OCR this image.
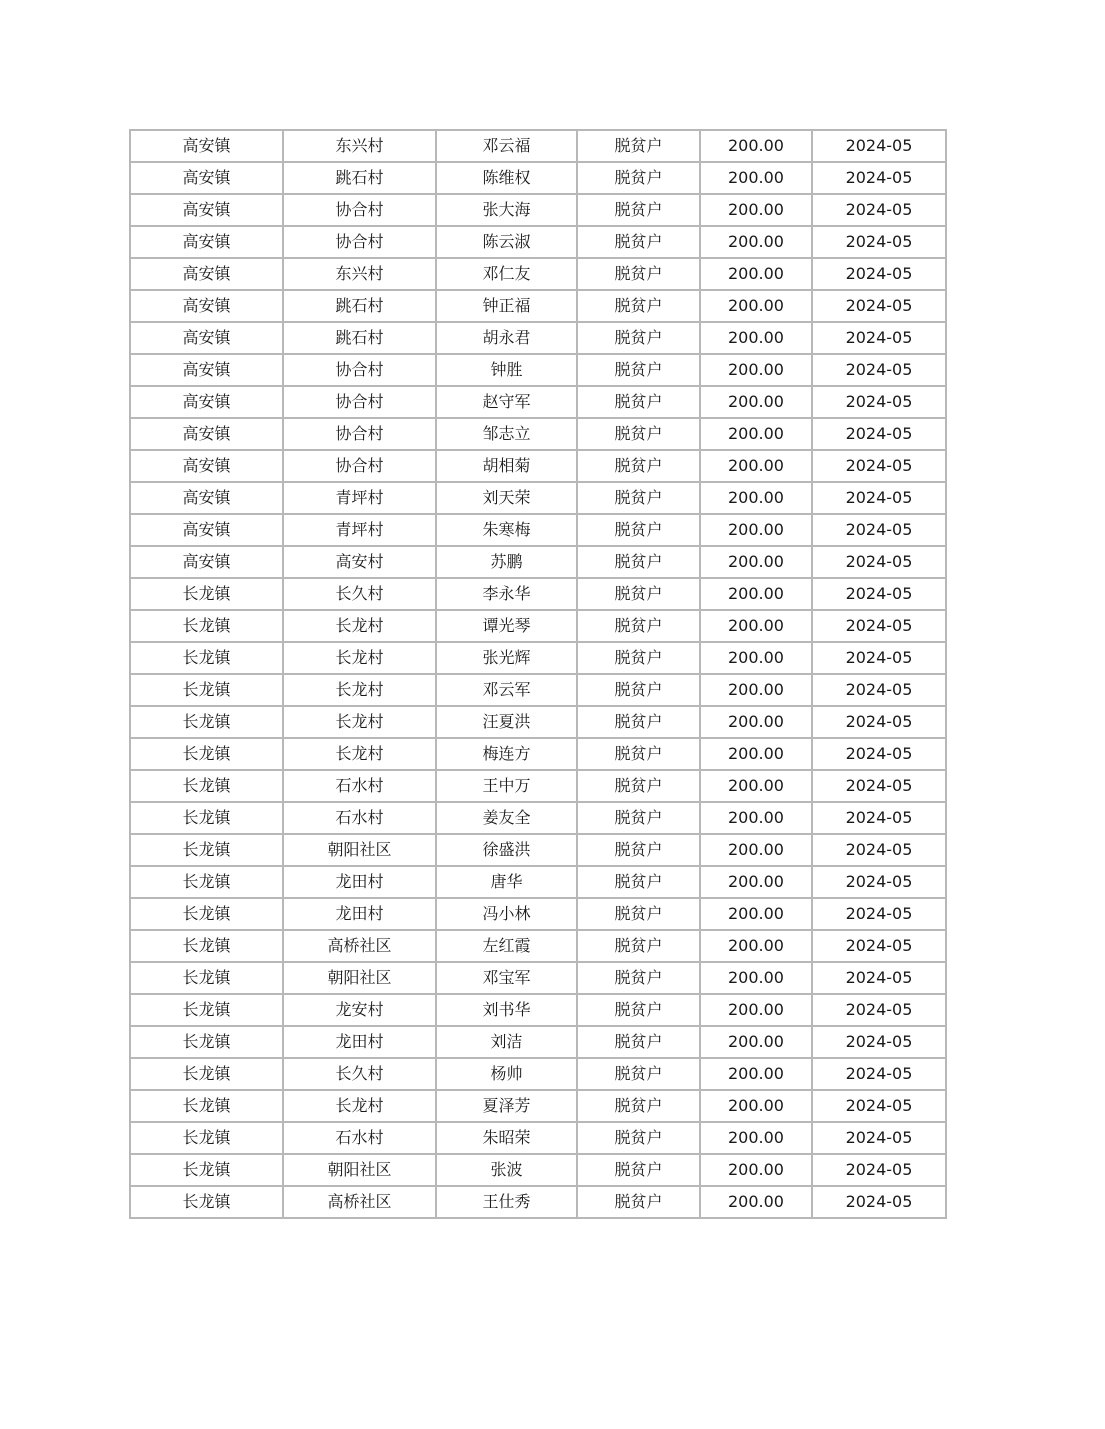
高安镇	东兴村	邓云福	脱贫户	200.00	2024-05
高安镇	跳石村	陈维权	脱贫户	200.00	2024-05
高安镇	协合村	张大海	脱贫户	200.00	2024-05
高安镇	协合村	陈云淑	脱贫户	200.00	2024-05
高安镇	东兴村	邓仁友	脱贫户	200.00	2024-05
高安镇	跳石村	钟正福	脱贫户	200.00	2024-05
高安镇	跳石村	胡永君	脱贫户	200.00	2024-05
高安镇	协合村	钟胜	脱贫户	200.00	2024-05
高安镇	协合村	赵守军	脱贫户	200.00	2024-05
高安镇	协合村	邹志立	脱贫户	200.00	2024-05
高安镇	协合村	胡相菊	脱贫户	200.00	2024-05
高安镇	青坪村	刘天荣	脱贫户	200.00	2024-05
高安镇	青坪村	朱寒梅	脱贫户	200.00	2024-05
高安镇	高安村	苏鹏	脱贫户	200.00	2024-05
长龙镇	长久村	李永华	脱贫户	200.00	2024-05
长龙镇	长龙村	谭光琴	脱贫户	200.00	2024-05
长龙镇	长龙村	张光辉	脱贫户	200.00	2024-05
长龙镇	长龙村	邓云军	脱贫户	200.00	2024-05
长龙镇	长龙村	汪夏洪	脱贫户	200.00	2024-05
长龙镇	长龙村	梅连方	脱贫户	200.00	2024-05
长龙镇	石水村	王中万	脱贫户	200.00	2024-05
长龙镇	石水村	姜友全	脱贫户	200.00	2024-05
长龙镇	朝阳社区	徐盛洪	脱贫户	200.00	2024-05
长龙镇	龙田村	唐华	脱贫户	200.00	2024-05
长龙镇	龙田村	冯小林	脱贫户	200.00	2024-05
长龙镇	高桥社区	左红霞	脱贫户	200.00	2024-05
长龙镇	朝阳社区	邓宝军	脱贫户	200.00	2024-05
长龙镇	龙安村	刘书华	脱贫户	200.00	2024-05
长龙镇	龙田村	刘洁	脱贫户	200.00	2024-05
长龙镇	长久村	杨帅	脱贫户	200.00	2024-05
长龙镇	长龙村	夏泽芳	脱贫户	200.00	2024-05
长龙镇	石水村	朱昭荣	脱贫户	200.00	2024-05
长龙镇	朝阳社区	张波	脱贫户	200.00	2024-05
长龙镇	高桥社区	王仕秀	脱贫户	200.00	2024-05
